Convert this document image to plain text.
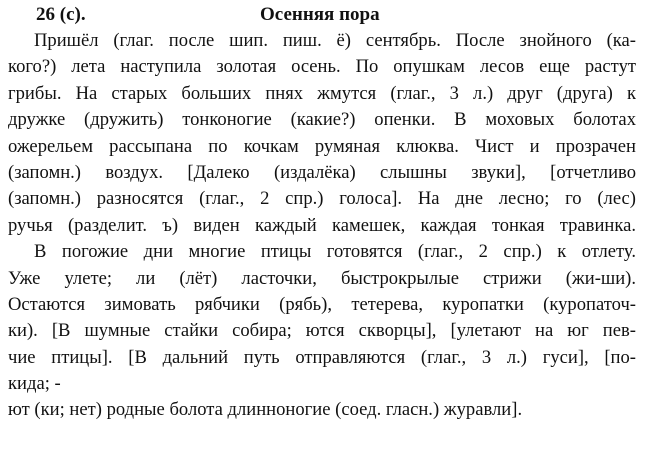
26 (с).	Осенняя пора
Пришёл (глаг. после шип. пиш. ё) сентябрь. После знойного (ка-
кого?) лета наступила золотая осень. По опушкам лесов еще растут
грибы. На старых больших пнях жмутся (глаг., 3 л.) друг (друга) к
дружке (дружить) тонконогие (какие?) опенки. В моховых болотах
ожерельем рассыпана по кочкам румяная клюква. Чист и прозрачен
(запомн.) воздух. [Далеко (издалёка) слышны звуки], [отчетливо
(запомн.) разносятся (глаг., 2 спр.) голоса]. На дне лесно; го (лес)
ручья (разделит. ъ) виден каждый камешек, каждая тонкая травинка.
В погожие дни многие птицы готовятся (глаг., 2 спр.) к отлету.
Уже улете; ли (лёт) ласточки, быстрокрылые стрижи (жи-ши).
Остаются зимовать рябчики (рябь), тетерева, куропатки (куропаточ-
ки). [В шумные стайки собира; ются скворцы], [улетают на юг пев-
чие птицы]. [В дальний путь отправляются (глаг., 3 л.) гуси], [по-
кида; -
ют (ки; нет) родные болота длинноногие (соед. гласн.) журавли].
